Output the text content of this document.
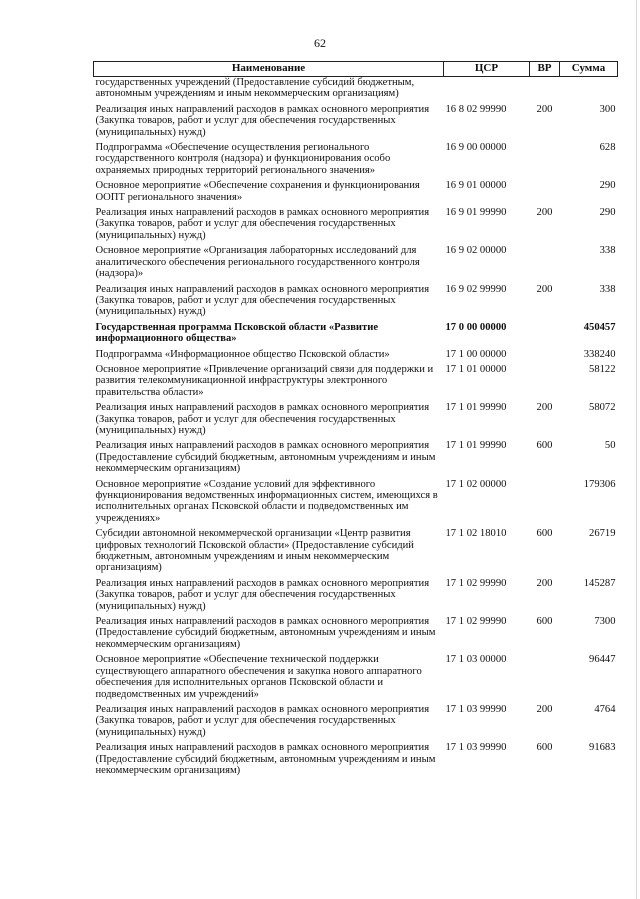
62
Наименование	ЦСР	ВР	Сумма
государственных учреждений (Предоставление субсидий бюджетным, автономным учреждениям и иным некоммерческим организациям)			
Реализация иных направлений расходов в рамках основного мероприятия (Закупка товаров, работ и услуг для обеспечения государственных (муниципальных) нужд)	16 8 02 99990	200	300
Подпрограмма «Обеспечение осуществления регионального государственного контроля (надзора) и функционирования особо охраняемых природных территорий регионального значения»	16 9 00 00000		628
Основное мероприятие «Обеспечение сохранения и функционирования ООПТ регионального значения»	16 9 01 00000		290
Реализация иных направлений расходов в рамках основного мероприятия (Закупка товаров, работ и услуг для обеспечения государственных (муниципальных) нужд)	16 9 01 99990	200	290
Основное мероприятие «Организация лабораторных исследований для аналитического обеспечения регионального государственного контроля (надзора)»	16 9 02 00000		338
Реализация иных направлений расходов в рамках основного мероприятия (Закупка товаров, работ и услуг для обеспечения государственных (муниципальных) нужд)	16 9 02 99990	200	338
Государственная программа Псковской области «Развитие информационного общества»	17 0 00 00000		450457
Подпрограмма «Информационное общество Псковской области»	17 1 00 00000		338240
Основное мероприятие «Привлечение организаций связи для поддержки и развития телекоммуникационной инфраструктуры электронного правительства области»	17 1 01 00000		58122
Реализация иных направлений расходов в рамках основного мероприятия (Закупка товаров, работ и услуг для обеспечения государственных (муниципальных) нужд)	17 1 01 99990	200	58072
Реализация иных направлений расходов в рамках основного мероприятия (Предоставление субсидий бюджетным, автономным учреждениям и иным некоммерческим организациям)	17 1 01 99990	600	50
Основное мероприятие «Создание условий для эффективного функционирования ведомственных информационных систем, имеющихся в исполнительных органах Псковской области и подведомственных им учреждениях»	17 1 02 00000		179306
Субсидии автономной некоммерческой организации «Центр развития цифровых технологий Псковской области» (Предоставление субсидий бюджетным, автономным учреждениям и иным некоммерческим организациям)	17 1 02 18010	600	26719
Реализация иных направлений расходов в рамках основного мероприятия (Закупка товаров, работ и услуг для обеспечения государственных (муниципальных) нужд)	17 1 02 99990	200	145287
Реализация иных направлений расходов в рамках основного мероприятия (Предоставление субсидий бюджетным, автономным учреждениям и иным некоммерческим организациям)	17 1 02 99990	600	7300
Основное мероприятие «Обеспечение технической поддержки существующего аппаратного обеспечения и закупка нового аппаратного обеспечения для исполнительных органов Псковской области и подведомственных им учреждений»	17 1 03 00000		96447
Реализация иных направлений расходов в рамках основного мероприятия (Закупка товаров, работ и услуг для обеспечения государственных (муниципальных) нужд)	17 1 03 99990	200	4764
Реализация иных направлений расходов в рамках основного мероприятия (Предоставление субсидий бюджетным, автономным учреждениям и иным некоммерческим организациям)	17 1 03 99990	600	91683
